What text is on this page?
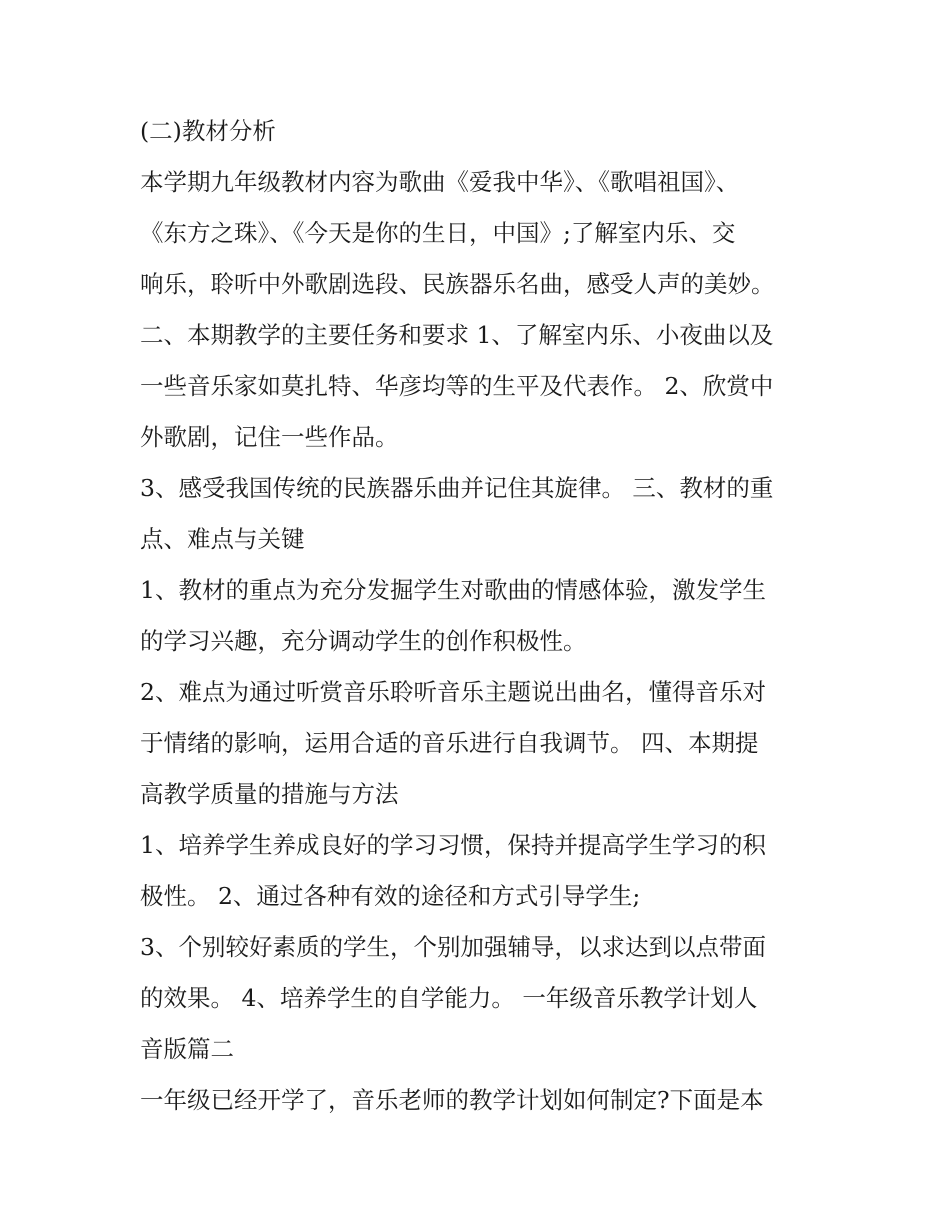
(二)教材分析
本学期九年级教材内容为歌曲《爱我中华》、《歌唱祖国》、
《东方之珠》、《今天是你的生日，中国》;了解室内乐、交
响乐，聆听中外歌剧选段、民族器乐名曲，感受人声的美妙。
二、本期教学的主要任务和要求 1、了解室内乐、小夜曲以及
一些音乐家如莫扎特、华彦均等的生平及代表作。 2、欣赏中
外歌剧，记住一些作品。
3、感受我国传统的民族器乐曲并记住其旋律。 三、教材的重
点、难点与关键
1、教材的重点为充分发掘学生对歌曲的情感体验，激发学生
的学习兴趣，充分调动学生的创作积极性。
2、难点为通过听赏音乐聆听音乐主题说出曲名，懂得音乐对
于情绪的影响，运用合适的音乐进行自我调节。 四、本期提
高教学质量的措施与方法
1、培养学生养成良好的学习习惯，保持并提高学生学习的积
极性。 2、通过各种有效的途径和方式引导学生;
3、个别较好素质的学生，个别加强辅导，以求达到以点带面
的效果。 4、培养学生的自学能力。 一年级音乐教学计划人
音版篇二
一年级已经开学了，音乐老师的教学计划如何制定?下面是本
